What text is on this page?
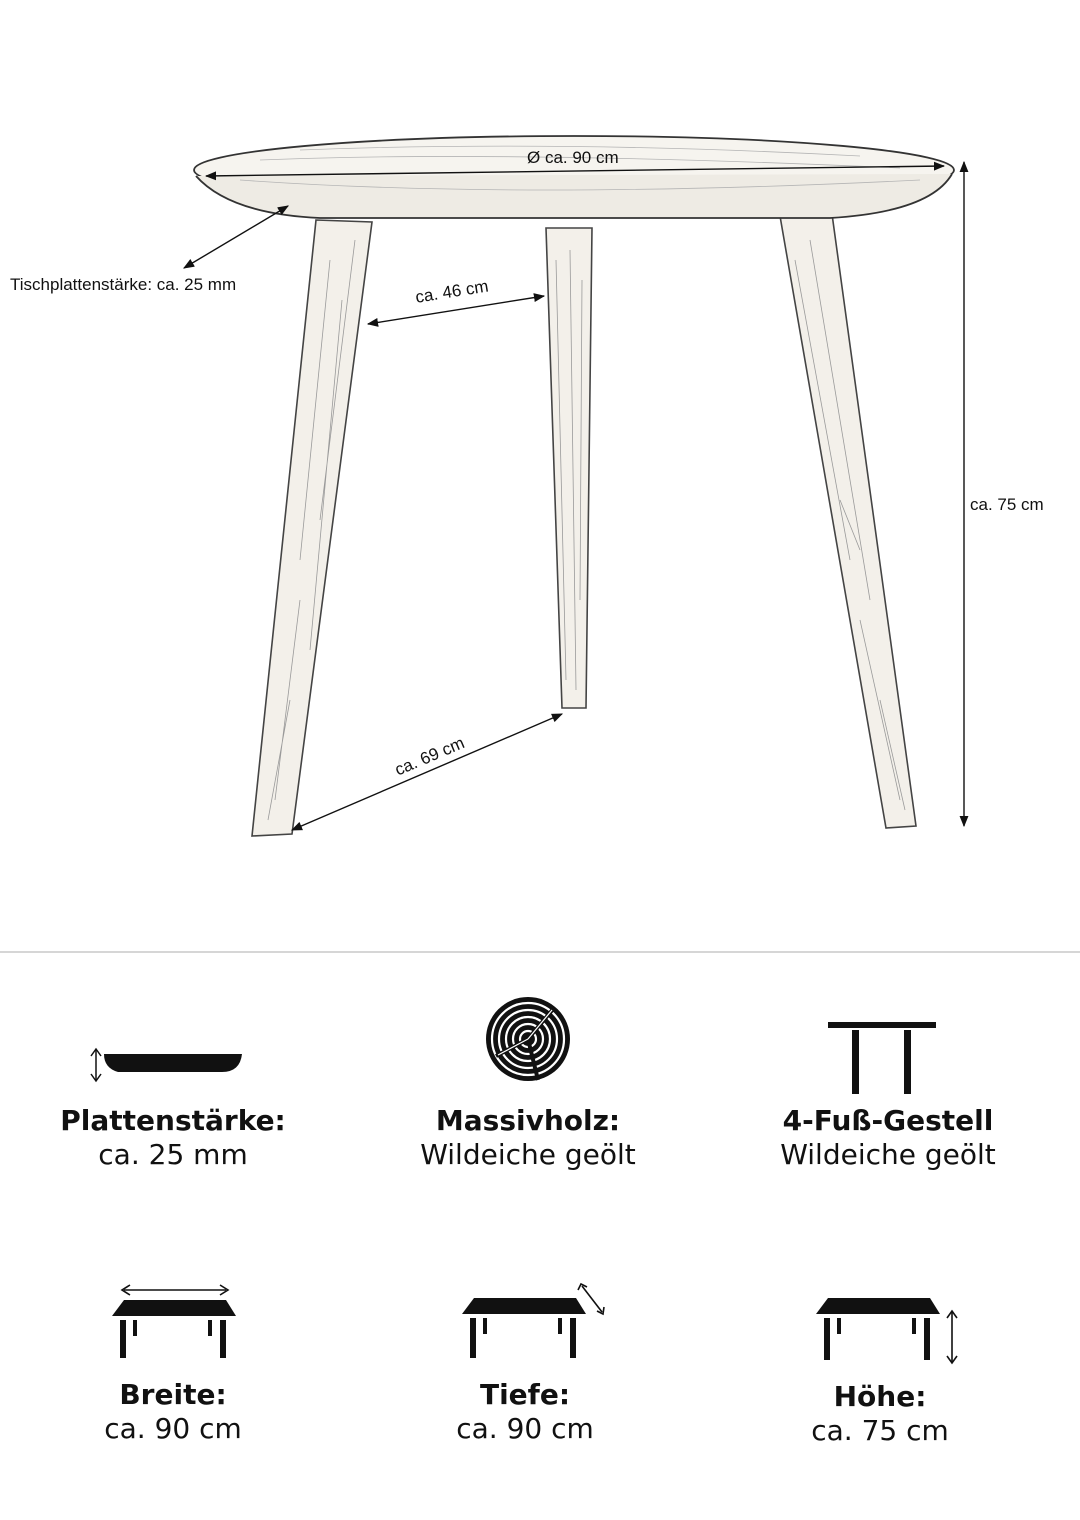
Ø ca. 90 cm
Tischplattenstärke: ca. 25 mm	ca. 46 cm
ca. 69 cm
ca. 75 cm
Plattenstärke:
ca. 25 mm
Massivholz:
Wildeiche geölt
4-Fuß-Gestell
Wildeiche geölt
Breite:
ca. 90 cm
Tiefe:
ca. 90 cm
Höhe:
ca. 75 cm
